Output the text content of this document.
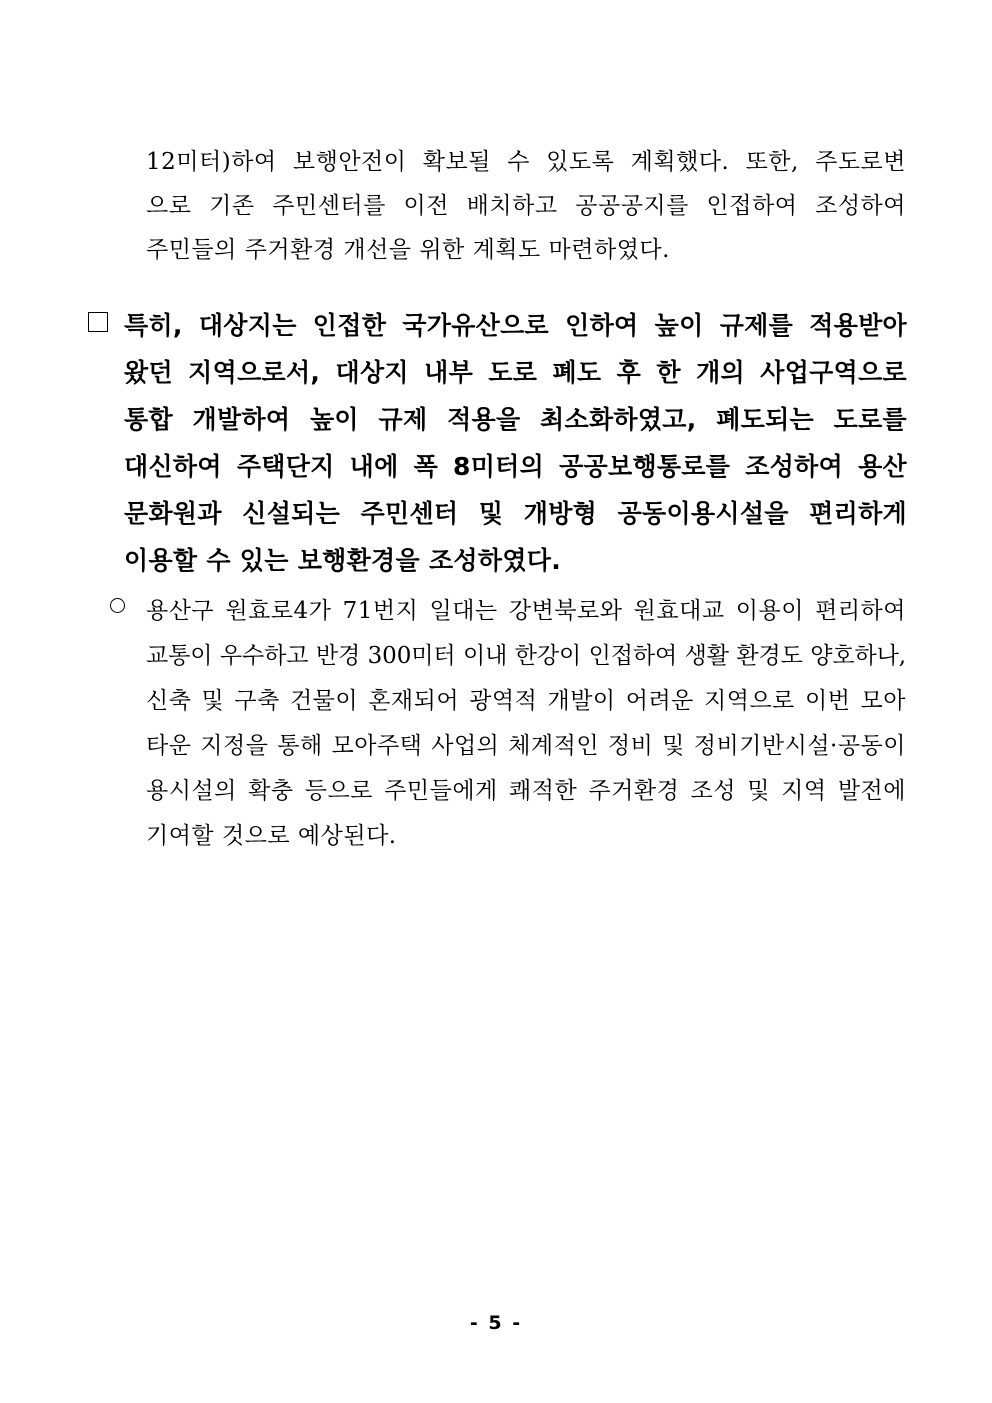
12미터)하여 보행안전이 확보될 수 있도록 계획했다. 또한, 주도로변
으로 기존 주민센터를 이전 배치하고 공공공지를 인접하여 조성하여
주민들의 주거환경 개선을 위한 계획도 마련하였다.
특히, 대상지는 인접한 국가유산으로 인하여 높이 규제를 적용받아
왔던 지역으로서, 대상지 내부 도로 폐도 후 한 개의 사업구역으로
통합 개발하여 높이 규제 적용을 최소화하였고, 폐도되는 도로를
대신하여 주택단지 내에 폭 8미터의 공공보행통로를 조성하여 용산
문화원과 신설되는 주민센터 및 개방형 공동이용시설을 편리하게
이용할 수 있는 보행환경을 조성하였다.
용산구 원효로4가 71번지 일대는 강변북로와 원효대교 이용이 편리하여
교통이 우수하고 반경 300미터 이내 한강이 인접하여 생활 환경도 양호하나,
신축 및 구축 건물이 혼재되어 광역적 개발이 어려운 지역으로 이번 모아
타운 지정을 통해 모아주택 사업의 체계적인 정비 및 정비기반시설·공동이
용시설의 확충 등으로 주민들에게 쾌적한 주거환경 조성 및 지역 발전에
기여할 것으로 예상된다.
- 5 -
